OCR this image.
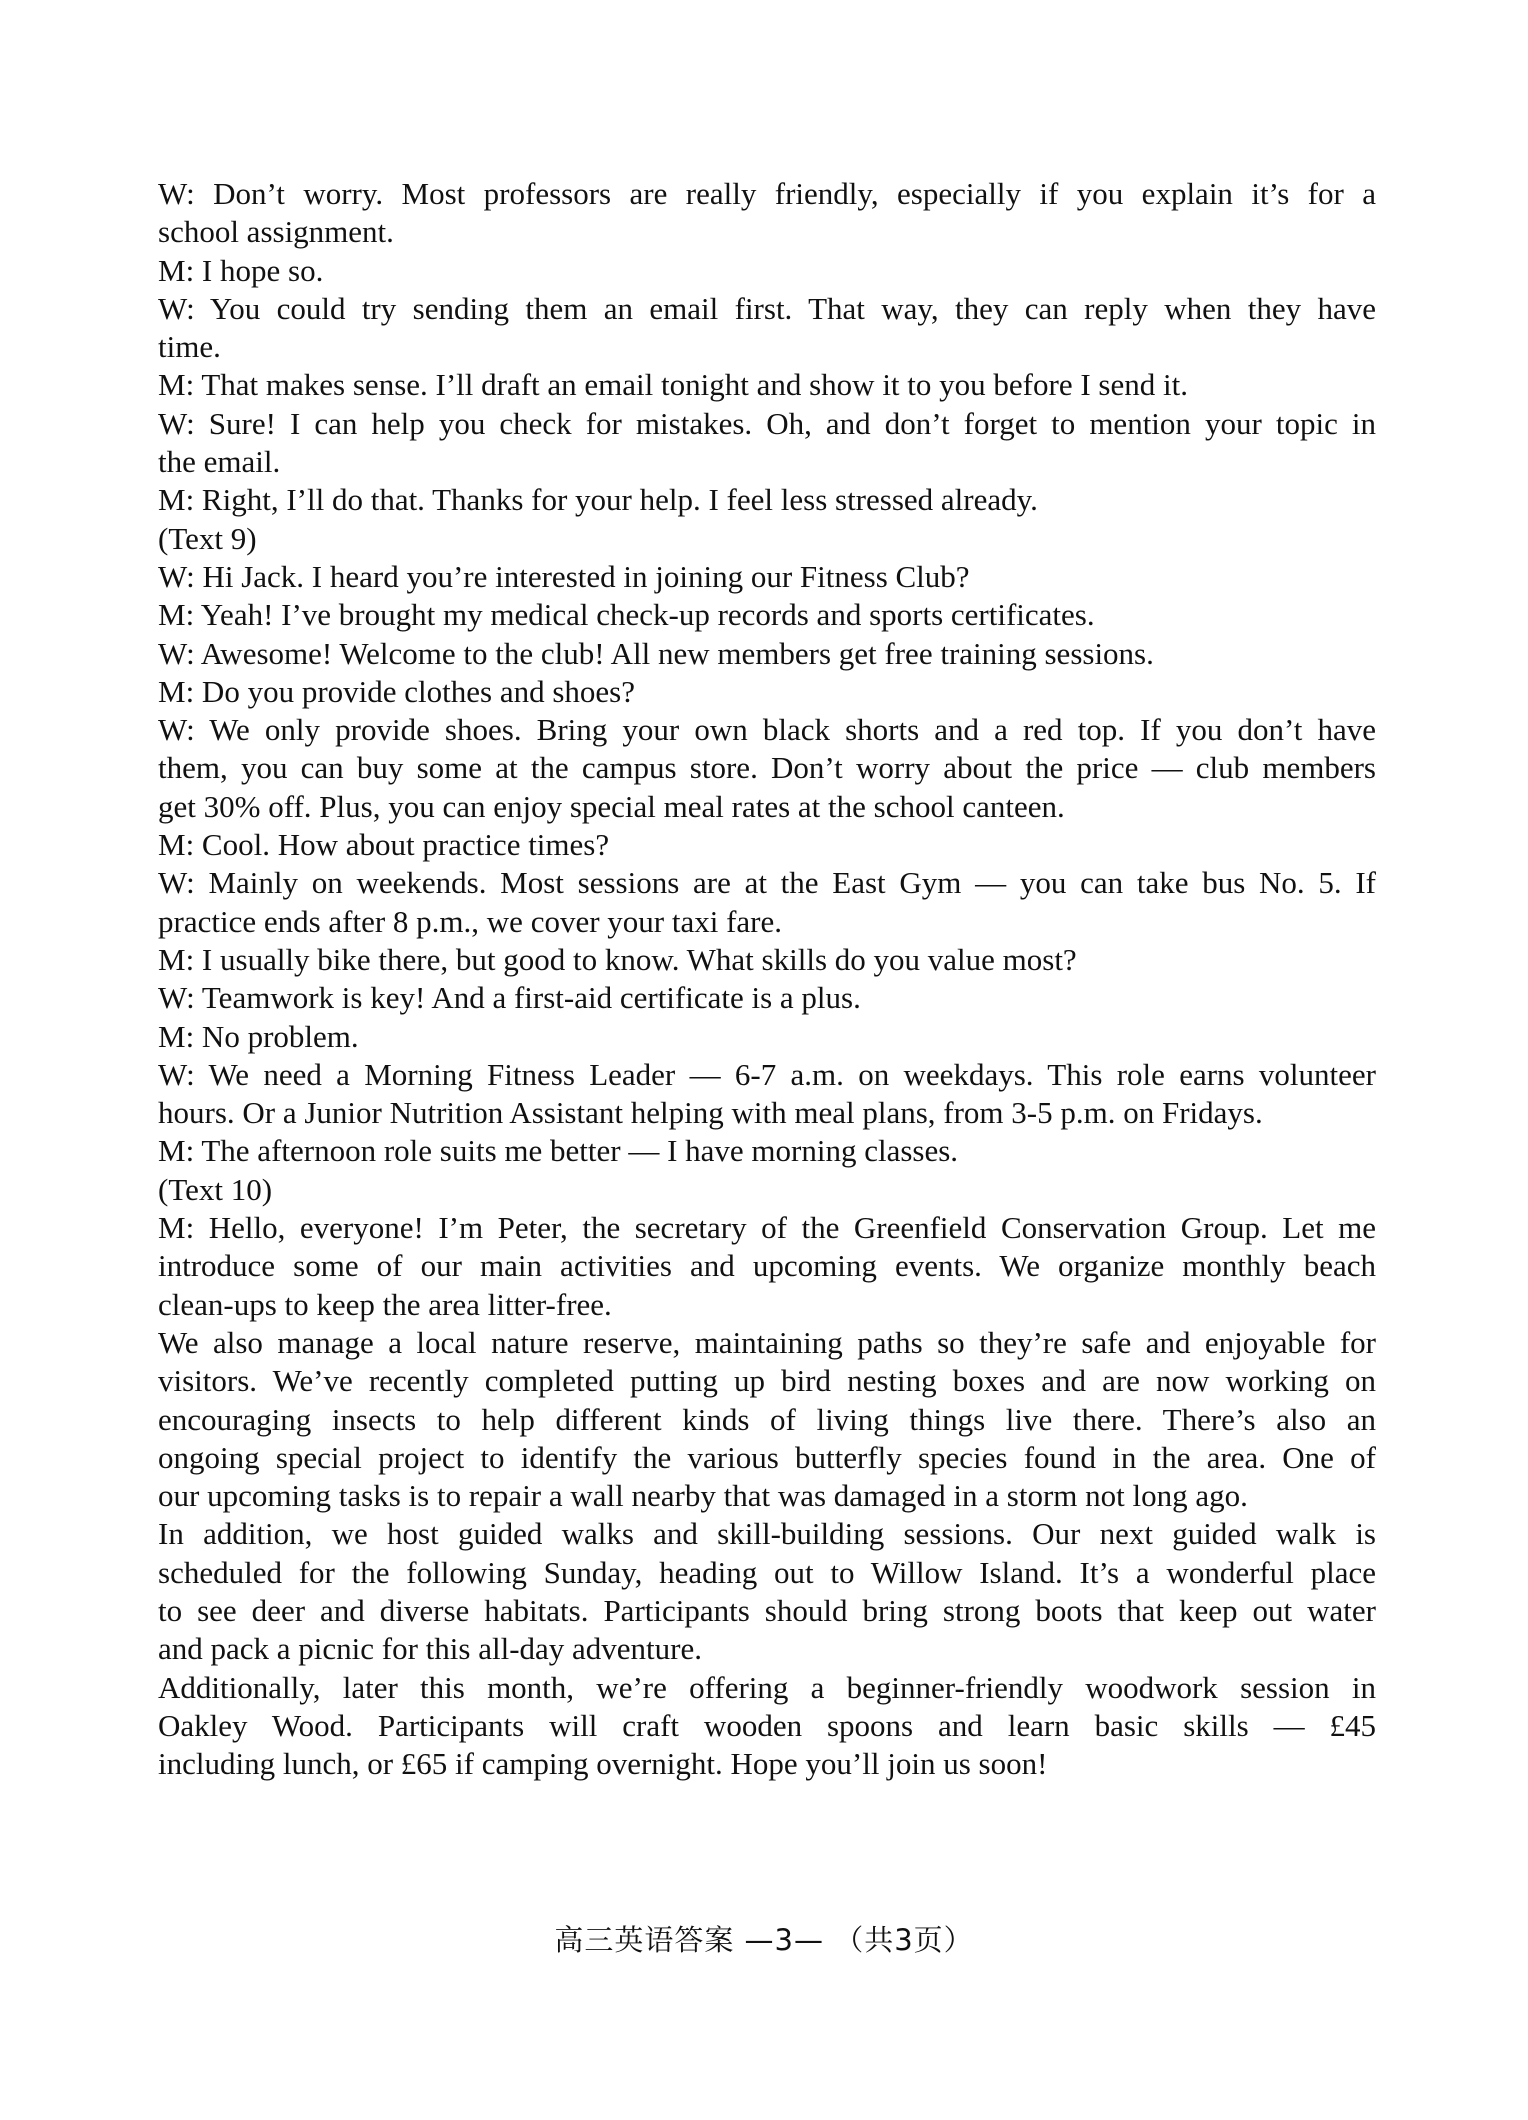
W: Don’t worry. Most professors are really friendly, especially if you explain it’s for a
school assignment.
M: I hope so.
W: You could try sending them an email first. That way, they can reply when they have
time.
M: That makes sense. I’ll draft an email tonight and show it to you before I send it.
W: Sure! I can help you check for mistakes. Oh, and don’t forget to mention your topic in
the email.
M: Right, I’ll do that. Thanks for your help. I feel less stressed already.
(Text 9)
W: Hi Jack. I heard you’re interested in joining our Fitness Club?
M: Yeah! I’ve brought my medical check-up records and sports certificates.
W: Awesome! Welcome to the club! All new members get free training sessions.
M: Do you provide clothes and shoes?
W: We only provide shoes. Bring your own black shorts and a red top. If you don’t have
them, you can buy some at the campus store. Don’t worry about the price — club members
get 30% off. Plus, you can enjoy special meal rates at the school canteen.
M: Cool. How about practice times?
W: Mainly on weekends. Most sessions are at the East Gym — you can take bus No. 5. If
practice ends after 8 p.m., we cover your taxi fare.
M: I usually bike there, but good to know. What skills do you value most?
W: Teamwork is key! And a first-aid certificate is a plus.
M: No problem.
W: We need a Morning Fitness Leader — 6-7 a.m. on weekdays. This role earns volunteer
hours. Or a Junior Nutrition Assistant helping with meal plans, from 3-5 p.m. on Fridays.
M: The afternoon role suits me better — I have morning classes.
(Text 10)
M: Hello, everyone! I’m Peter, the secretary of the Greenfield Conservation Group. Let me
introduce some of our main activities and upcoming events. We organize monthly beach
clean-ups to keep the area litter-free.
We also manage a local nature reserve, maintaining paths so they’re safe and enjoyable for
visitors. We’ve recently completed putting up bird nesting boxes and are now working on
encouraging insects to help different kinds of living things live there. There’s also an
ongoing special project to identify the various butterfly species found in the area. One of
our upcoming tasks is to repair a wall nearby that was damaged in a storm not long ago.
In addition, we host guided walks and skill-building sessions. Our next guided walk is
scheduled for the following Sunday, heading out to Willow Island. It’s a wonderful place
to see deer and diverse habitats. Participants should bring strong boots that keep out water
and pack a picnic for this all-day adventure.
Additionally, later this month, we’re offering a beginner-friendly woodwork session in
Oakley Wood. Participants will craft wooden spoons and learn basic skills — £45
including lunch, or £65 if camping overnight. Hope you’ll join us soon!
高三英语答案 —3— （共3页）
